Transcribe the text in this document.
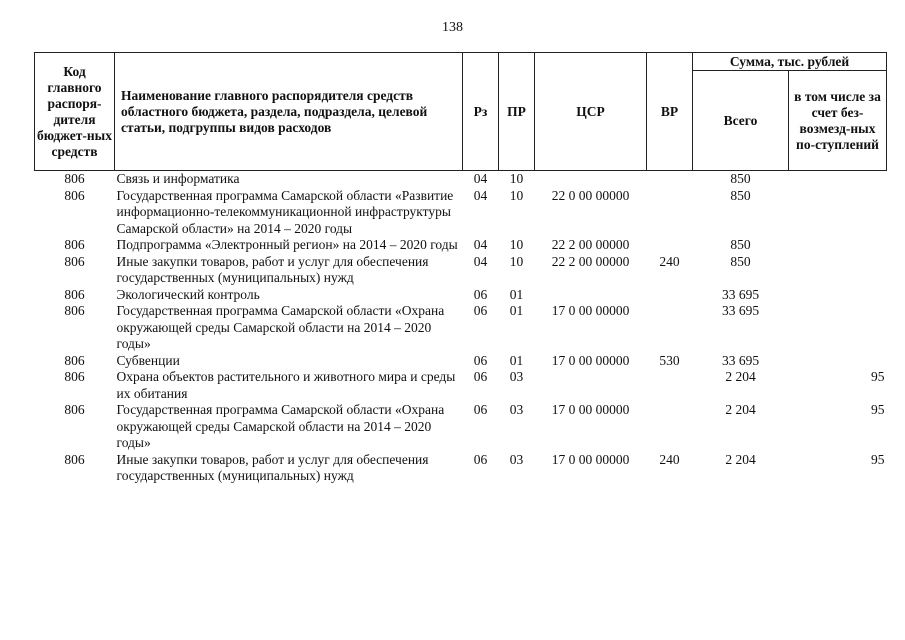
138
Код главного распоря-дителя бюджет-ных средств	Наименование главного распорядителя средств областного бюджета, раздела, подраздела, целевой статьи, подгруппы видов расходов	Рз	ПР	ЦСР	ВР	Сумма, тыс. рублей	
						Всего	в том числе за счет без-возмезд-ных по-ступлений
806	Связь и информатика	04	10			850	
806	Государственная программа Самарской области «Развитие информационно-телекоммуникационной инфраструктуры Самарской области» на 2014 – 2020 годы	04	10	22 0 00 00000		850	
806	Подпрограмма «Электронный регион» на 2014 – 2020 годы	04	10	22 2 00 00000		850	
806	Иные закупки товаров, работ и услуг для обеспечения государственных (муниципальных) нужд	04	10	22 2 00 00000	240	850	
806	Экологический контроль	06	01			33 695	
806	Государственная программа Самарской области «Охрана окружающей среды Самарской области на 2014 – 2020 годы»	06	01	17 0 00 00000		33 695	
806	Субвенции	06	01	17 0 00 00000	530	33 695	
806	Охрана объектов растительного и животного мира и среды их обитания	06	03			2 204	95
806	Государственная программа Самарской области «Охрана окружающей среды Самарской области на 2014 – 2020 годы»	06	03	17 0 00 00000		2 204	95
806	Иные закупки товаров, работ и услуг для обеспечения государственных (муниципальных) нужд	06	03	17 0 00 00000	240	2 204	95
